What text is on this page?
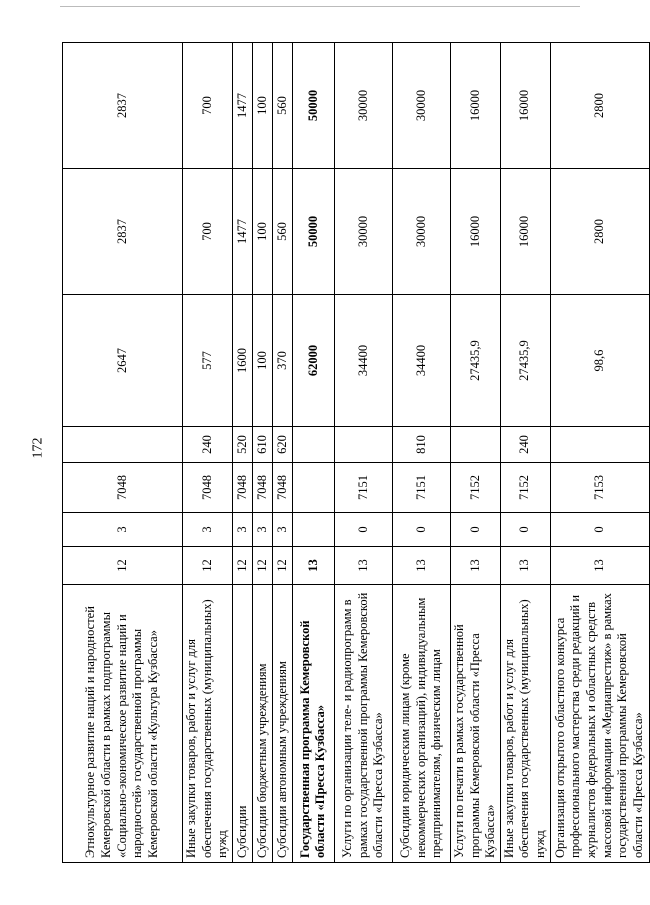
172
Этнокультурное развитие наций и народностей Кемеровской области в рамках подпрограммы «Социально-экономическое развитие наций и народностей» государственной программы Кемеровской области «Культура Кузбасса»	12	3	7048		2647	2837	2837
Иные закупки товаров, работ и услуг для обеспечения государственных (муниципальных) нужд	12	3	7048	240	577	700	700
Субсидии	12	3	7048	520	1600	1477	1477
Субсидии бюджетным учреждениям	12	3	7048	610	100	100	100
Субсидии автономным учреждениям	12	3	7048	620	370	560	560
Государственная программа Кемеровской области «Пресса Кузбасса»	13				62000	50000	50000
Услуги по организации теле- и радиопрограмм в рамках государственной программы Кемеровской области «Пресса Кузбасса»	13	0	7151		34400	30000	30000
Субсидии юридическим лицам (кроме некоммерческих организаций), индивидуальным предпринимателям, физическим лицам	13	0	7151	810	34400	30000	30000
Услуги по печати в рамках государственной программы Кемеровской области «Пресса Кузбасса»	13	0	7152		27435,9	16000	16000
Иные закупки товаров, работ и услуг для обеспечения государственных (муниципальных) нужд	13	0	7152	240	27435,9	16000	16000
Организация открытого областного конкурса профессионального мастерства среди редакций и журналистов федеральных и областных средств массовой информации «Медиапрестиж» в рамках государственной программы Кемеровской области «Пресса Кузбасса»	13	0	7153		98,6	2800	2800
